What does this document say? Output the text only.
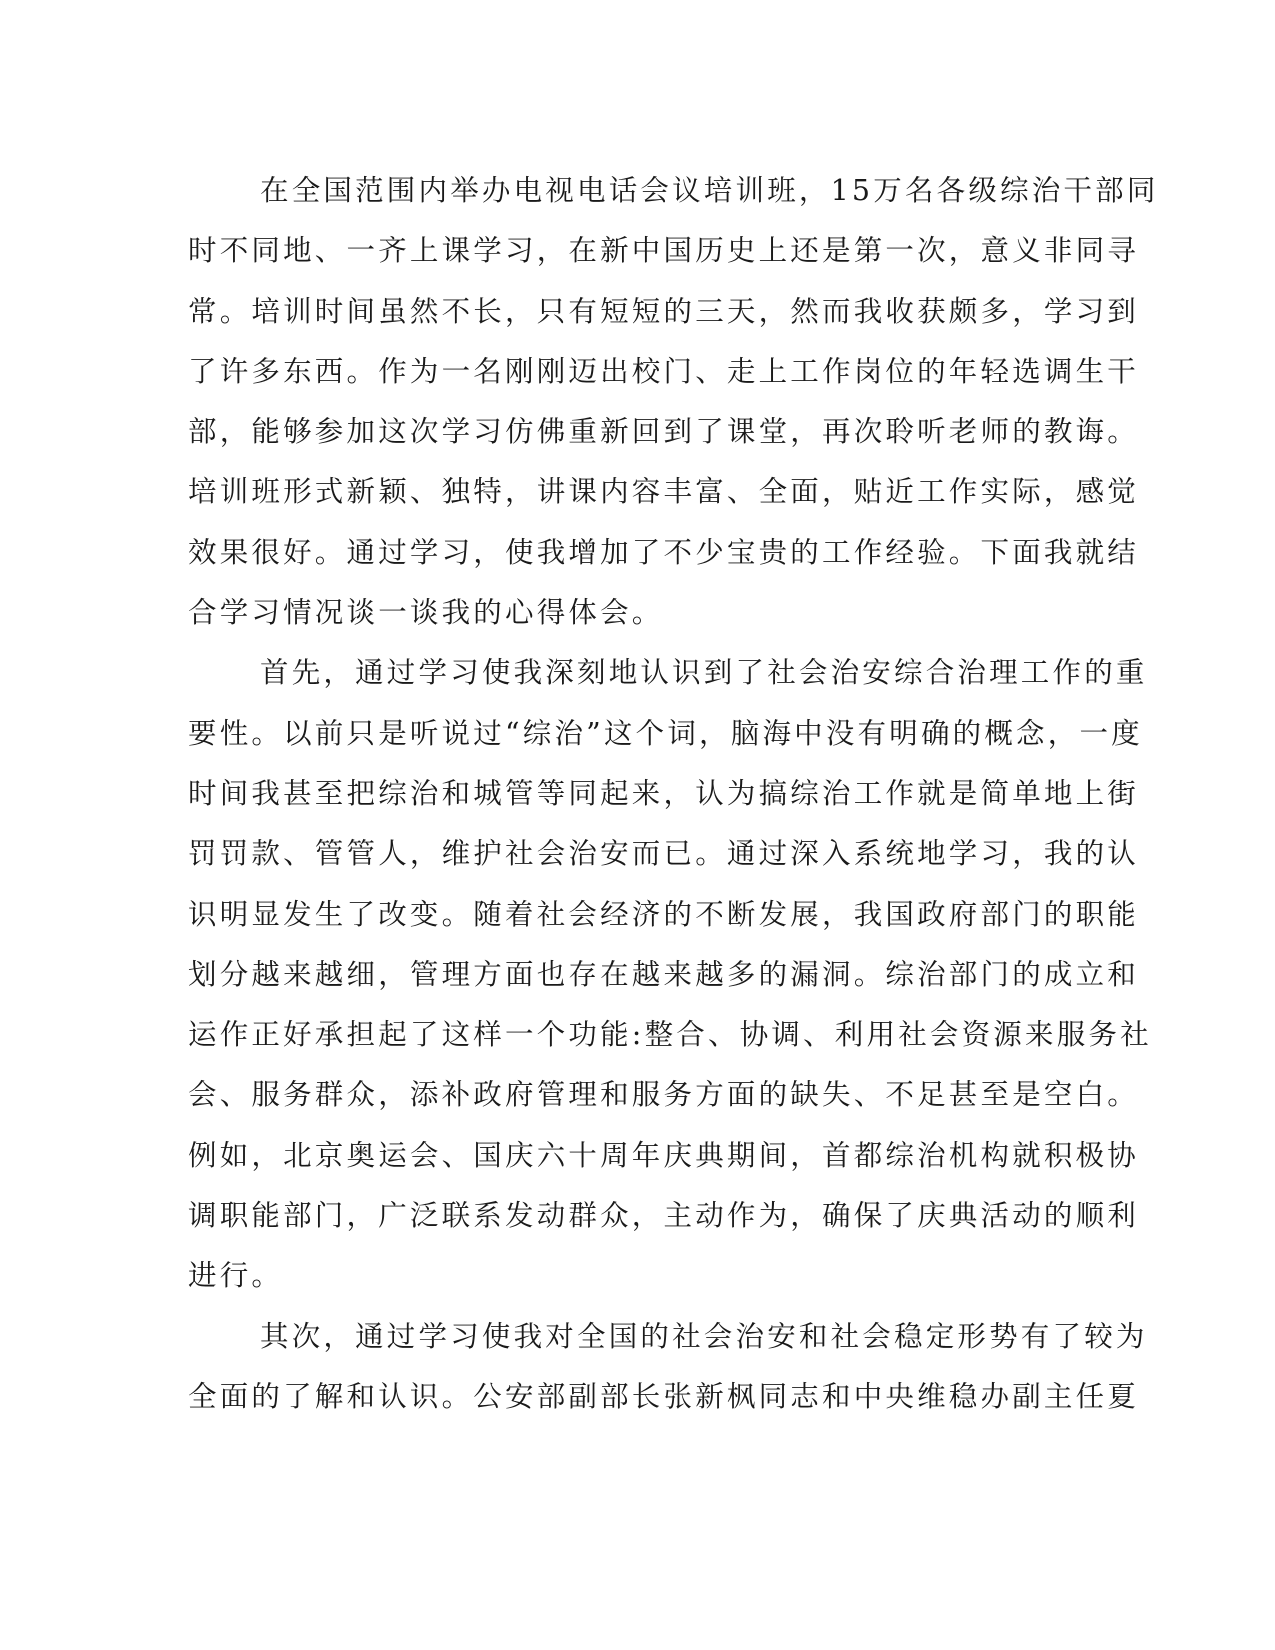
在全国范围内举办电视电话会议培训班，15万名各级综治干部同
时不同地、一齐上课学习，在新中国历史上还是第一次，意义非同寻
常。培训时间虽然不长，只有短短的三天，然而我收获颇多，学习到
了许多东西。作为一名刚刚迈出校门、走上工作岗位的年轻选调生干
部，能够参加这次学习仿佛重新回到了课堂，再次聆听老师的教诲。
培训班形式新颖、独特，讲课内容丰富、全面，贴近工作实际，感觉
效果很好。通过学习，使我增加了不少宝贵的工作经验。下面我就结
合学习情况谈一谈我的心得体会。
首先，通过学习使我深刻地认识到了社会治安综合治理工作的重
要性。以前只是听说过“综治”这个词，脑海中没有明确的概念，一度
时间我甚至把综治和城管等同起来，认为搞综治工作就是简单地上街
罚罚款、管管人，维护社会治安而已。通过深入系统地学习，我的认
识明显发生了改变。随着社会经济的不断发展，我国政府部门的职能
划分越来越细，管理方面也存在越来越多的漏洞。综治部门的成立和
运作正好承担起了这样一个功能:整合、协调、利用社会资源来服务社
会、服务群众，添补政府管理和服务方面的缺失、不足甚至是空白。
例如，北京奥运会、国庆六十周年庆典期间，首都综治机构就积极协
调职能部门，广泛联系发动群众，主动作为，确保了庆典活动的顺利
进行。
其次，通过学习使我对全国的社会治安和社会稳定形势有了较为
全面的了解和认识。公安部副部长张新枫同志和中央维稳办副主任夏
